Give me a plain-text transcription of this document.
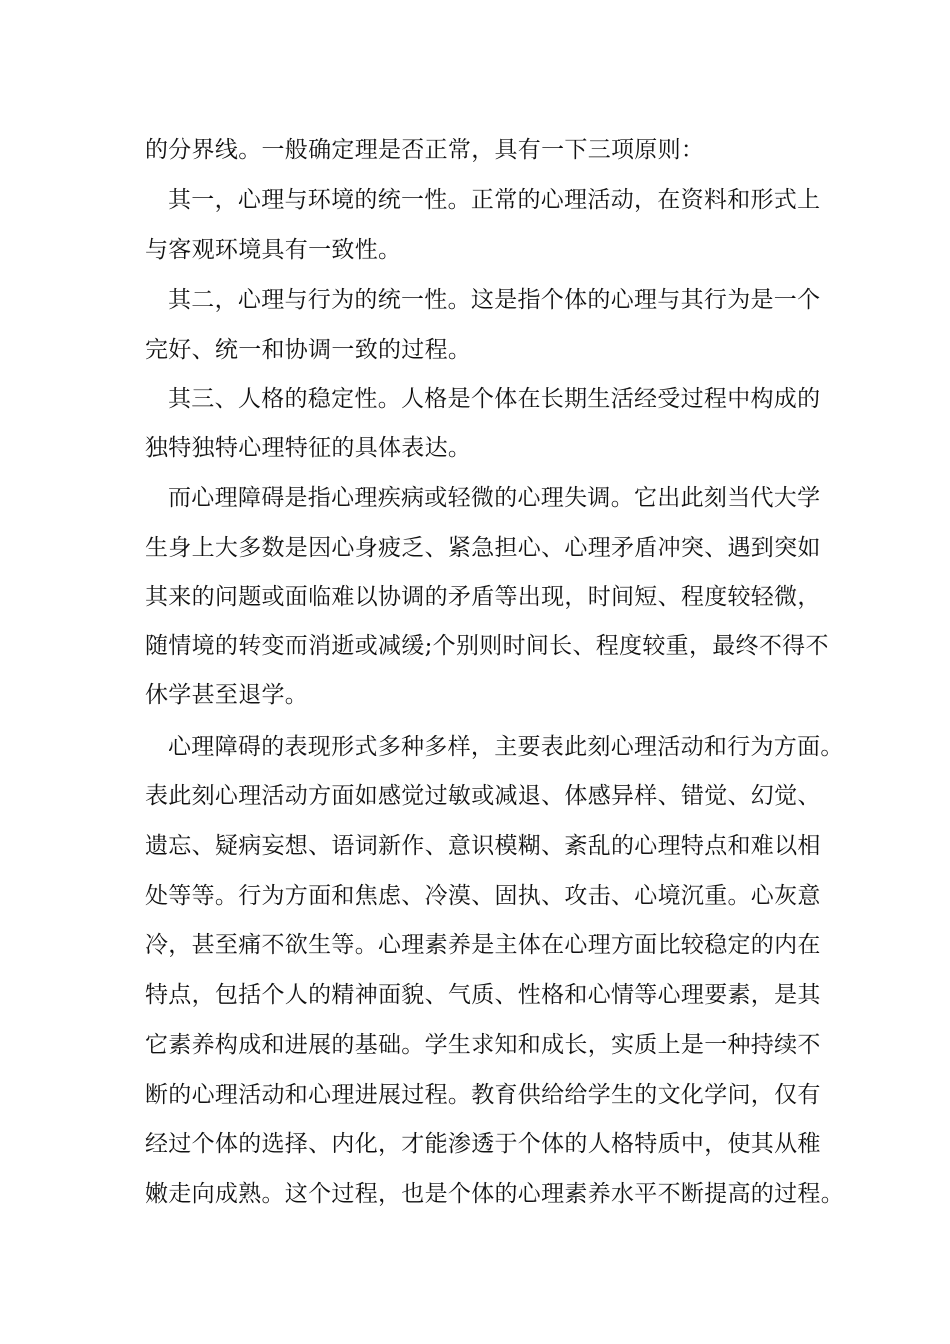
的分界线。一般确定理是否正常，具有一下三项原则：

其一，心理与环境的统一性。正常的心理活动，在资料和形式上

与客观环境具有一致性。

其二，心理与行为的统一性。这是指个体的心理与其行为是一个

完好、统一和协调一致的过程。

其三、人格的稳定性。人格是个体在长期生活经受过程中构成的

独特独特心理特征的具体表达。

而心理障碍是指心理疾病或轻微的心理失调。它出此刻当代大学

生身上大多数是因心身疲乏、紧急担心、心理矛盾冲突、遇到突如

其来的问题或面临难以协调的矛盾等出现，时间短、程度较轻微，

随情境的转变而消逝或减缓;个别则时间长、程度较重，最终不得不

休学甚至退学。

心理障碍的表现形式多种多样，主要表此刻心理活动和行为方面。

表此刻心理活动方面如感觉过敏或减退、体感异样、错觉、幻觉、

遗忘、疑病妄想、语词新作、意识模糊、紊乱的心理特点和难以相

处等等。行为方面和焦虑、冷漠、固执、攻击、心境沉重。心灰意

冷，甚至痛不欲生等。心理素养是主体在心理方面比较稳定的内在

特点，包括个人的精神面貌、气质、性格和心情等心理要素，是其

它素养构成和进展的基础。学生求知和成长，实质上是一种持续不

断的心理活动和心理进展过程。教育供给给学生的文化学问，仅有

经过个体的选择、内化，才能渗透于个体的人格特质中，使其从稚

嫩走向成熟。这个过程，也是个体的心理素养水平不断提高的过程。
